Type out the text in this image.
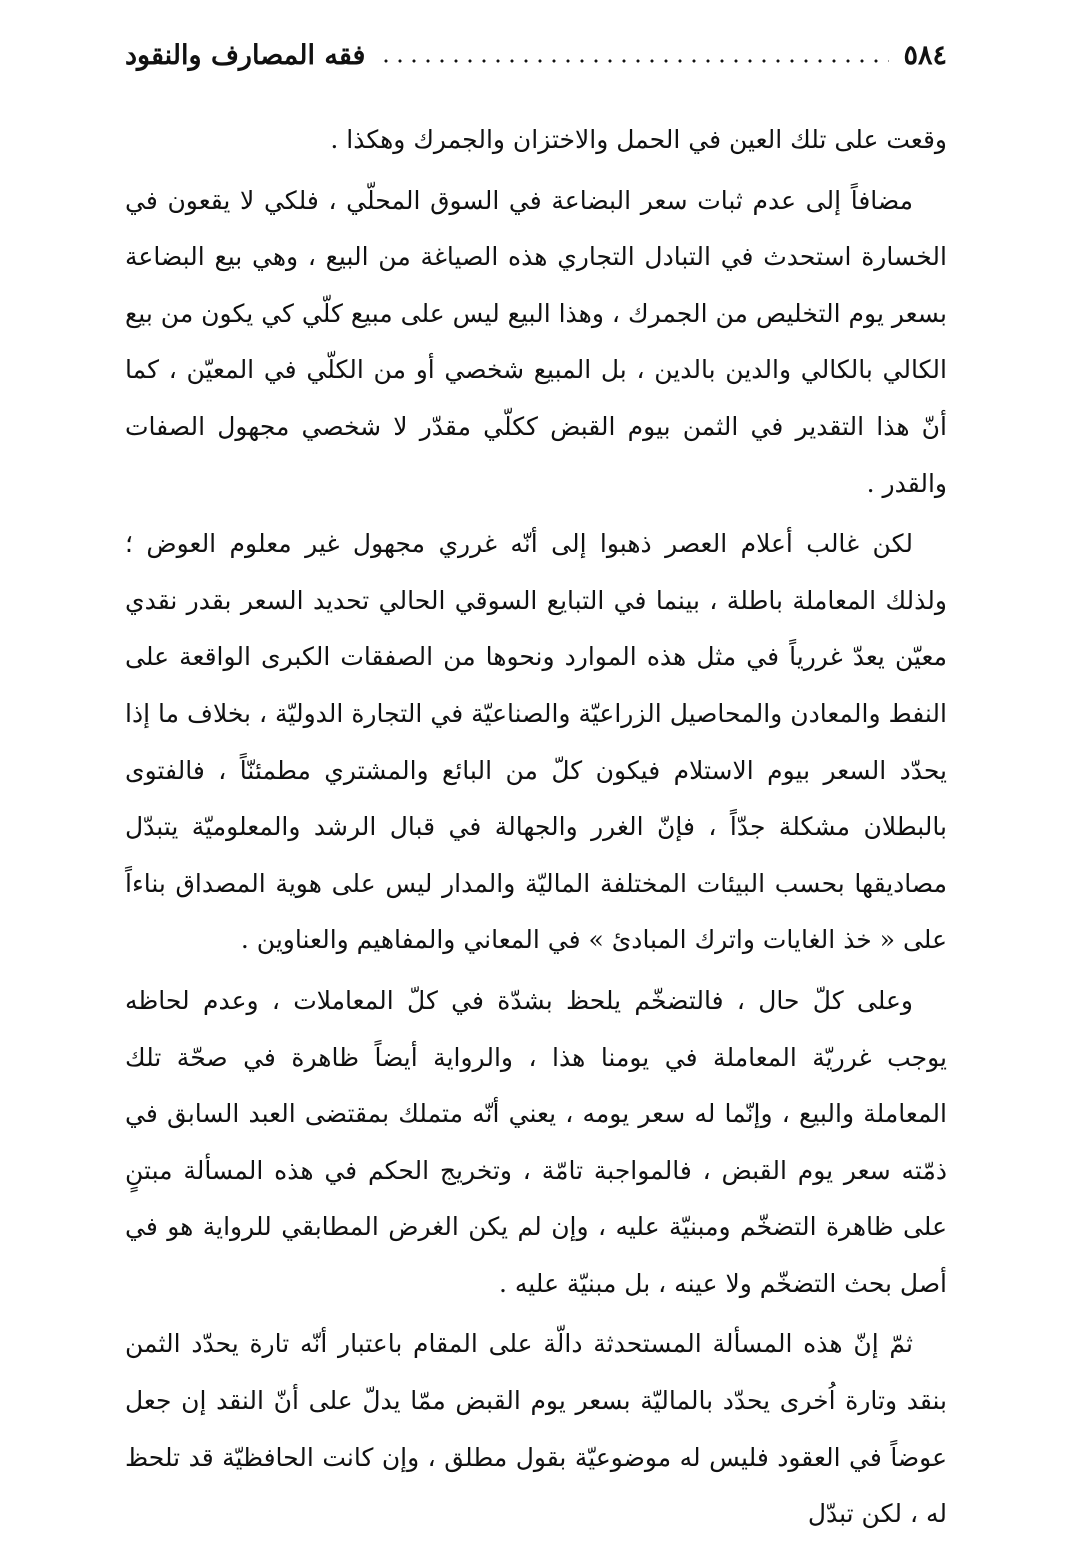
٥٨٤
فقه المصارف والنقود

وقعت على تلك العين في الحمل والاختزان والجمرك وهكذا .

مضافاً إلى عدم ثبات سعر البضاعة في السوق المحلّي ، فلكي لا يقعون في الخسارة استحدث في التبادل التجاري هذه الصياغة من البيع ، وهي بيع البضاعة بسعر يوم التخليص من الجمرك ، وهذا البيع ليس على مبيع كلّي كي يكون من بيع الكالي بالكالي والدين بالدين ، بل المبيع شخصي أو من الكلّي في المعيّن ، كما أنّ هذا التقدير في الثمن بيوم القبض ككلّي مقدّر لا شخصي مجهول الصفات والقدر .

لكن غالب أعلام العصر ذهبوا إلى أنّه غرري مجهول غير معلوم العوض ؛ ولذلك المعاملة باطلة ، بينما في التبايع السوقي الحالي تحديد السعر بقدر نقدي معيّن يعدّ غررياً في مثل هذه الموارد ونحوها من الصفقات الكبرى الواقعة على النفط والمعادن والمحاصيل الزراعيّة والصناعيّة في التجارة الدوليّة ، بخلاف ما إذا يحدّد السعر بيوم الاستلام فيكون كلّ من البائع والمشتري مطمئنّاً ، فالفتوى بالبطلان مشكلة جدّاً ، فإنّ الغرر والجهالة في قبال الرشد والمعلوميّة يتبدّل مصاديقها بحسب البيئات المختلفة الماليّة والمدار ليس على هوية المصداق بناءاً على « خذ الغايات واترك المبادئ » في المعاني والمفاهيم والعناوين .

وعلى كلّ حال ، فالتضخّم يلحظ بشدّة في كلّ المعاملات ، وعدم لحاظه يوجب غرريّة المعاملة في يومنا هذا ، والرواية أيضاً ظاهرة في صحّة تلك المعاملة والبيع ، وإنّما له سعر يومه ، يعني أنّه متملك بمقتضى العبد السابق في ذمّته سعر يوم القبض ، فالمواجبة تامّة ، وتخريج الحكم في هذه المسألة مبتنٍ على ظاهرة التضخّم ومبنيّة عليه ، وإن لم يكن الغرض المطابقي للرواية هو في أصل بحث التضخّم ولا عينه ، بل مبنيّة عليه .

ثمّ إنّ هذه المسألة المستحدثة دالّة على المقام باعتبار أنّه تارة يحدّد الثمن بنقد وتارة اُخرى يحدّد بالماليّة بسعر يوم القبض ممّا يدلّ على أنّ النقد إن جعل عوضاً في العقود فليس له موضوعيّة بقول مطلق ، وإن كانت الحافظيّة قد تلحظ له ، لكن تبدّل
